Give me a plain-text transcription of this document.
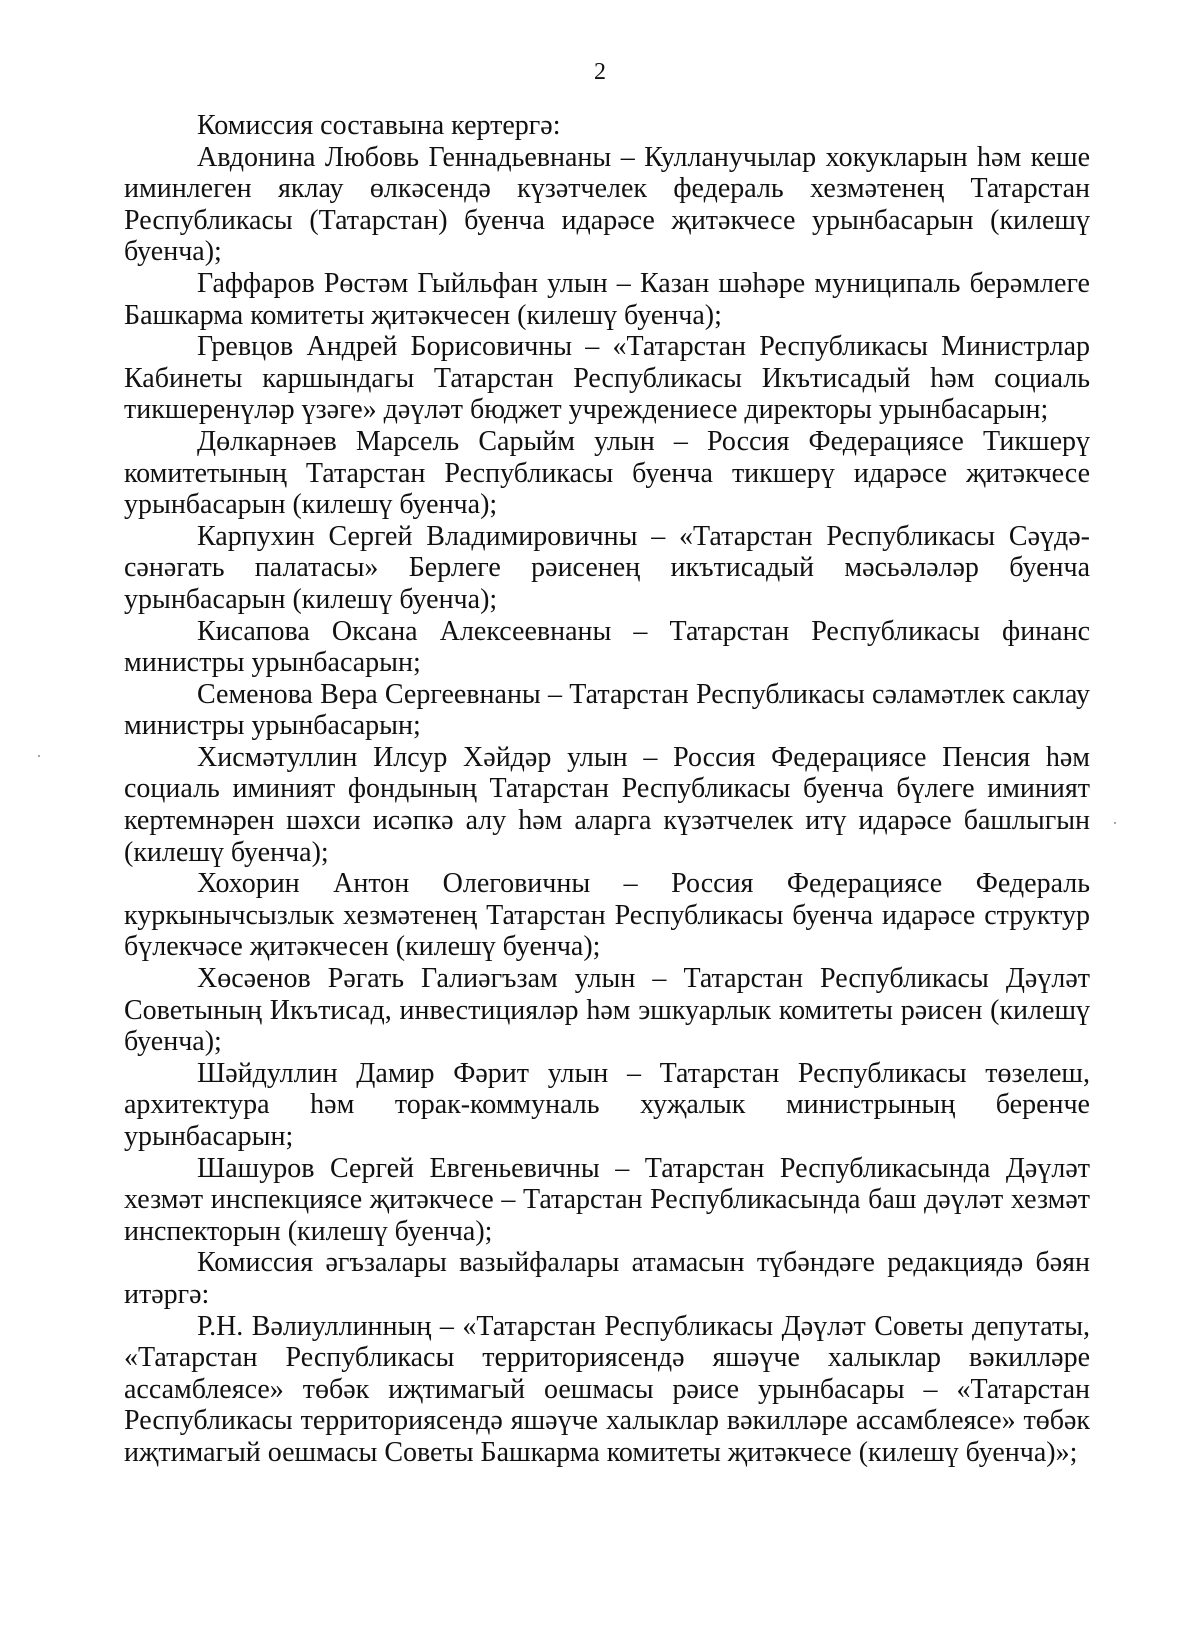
2

Комиссия составына кертергә:

Авдонина Любовь Геннадьевнаны – Кулланучылар хокукларын һәм кеше иминлеген яклау өлкәсендә күзәтчелек федераль хезмәтенең Татарстан Республикасы (Татарстан) буенча идарәсе җитәкчесе урынбасарын (килешү буенча);

Гаффаров Рөстәм Гыйльфан улын – Казан шәһәре муниципаль берәмлеге Башкарма комитеты җитәкчесен (килешү буенча);

Гревцов Андрей Борисовичны – «Татарстан Республикасы Министрлар Кабинеты каршындагы Татарстан Республикасы Икътисадый һәм социаль тикшеренүләр үзәге» дәүләт бюджет учреждениесе директоры урынбасарын;

Дөлкарнәев Марсель Сарыйм улын – Россия Федерациясе Тикшерү комитетының Татарстан Республикасы буенча тикшерү идарәсе җитәкчесе урынбасарын (килешү буенча);

Карпухин Сергей Владимировичны – «Татарстан Республикасы Сәүдә-сәнәгать палатасы» Берлеге рәисенең икътисадый мәсьәләләр буенча урынбасарын (килешү буенча);

Кисапова Оксана Алексеевнаны – Татарстан Республикасы финанс министры урынбасарын;

Семенова Вера Сергеевнаны – Татарстан Республикасы сәламәтлек саклау министры урынбасарын;

Хисмәтуллин Илсур Хәйдәр улын – Россия Федерациясе Пенсия һәм социаль иминият фондының Татарстан Республикасы буенча бүлеге иминият кертемнәрен шәхси исәпкә алу һәм аларга күзәтчелек итү идарәсе башлыгын (килешү буенча);

Хохорин Антон Олеговичны – Россия Федерациясе Федераль куркынычсызлык хезмәтенең Татарстан Республикасы буенча идарәсе структур бүлекчәсе җитәкчесен (килешү буенча);

Хөсәенов Рәгать Галиәгъзам улын – Татарстан Республикасы Дәүләт Советының Икътисад, инвестицияләр һәм эшкуарлык комитеты рәисен (килешү буенча);

Шәйдуллин Дамир Фәрит улын – Татарстан Республикасы төзелеш, архитектура һәм торак-коммуналь хуҗалык министрының беренче урынбасарын;

Шашуров Сергей Евгеньевичны – Татарстан Республикасында Дәүләт хезмәт инспекциясе җитәкчесе – Татарстан Республикасында баш дәүләт хезмәт инспекторын (килешү буенча);

Комиссия әгъзалары вазыйфалары атамасын түбәндәге редакциядә бәян итәргә:

Р.Н. Вәлиуллинның – «Татарстан Республикасы Дәүләт Советы депутаты, «Татарстан Республикасы территориясендә яшәүче халыклар вәкилләре ассамблеясе» төбәк иҗтимагый оешмасы рәисе урынбасары – «Татарстан Республикасы территориясендә яшәүче халыклар вәкилләре ассамблеясе» төбәк иҗтимагый оешмасы Советы Башкарма комитеты җитәкчесе (килешү буенча)»;
